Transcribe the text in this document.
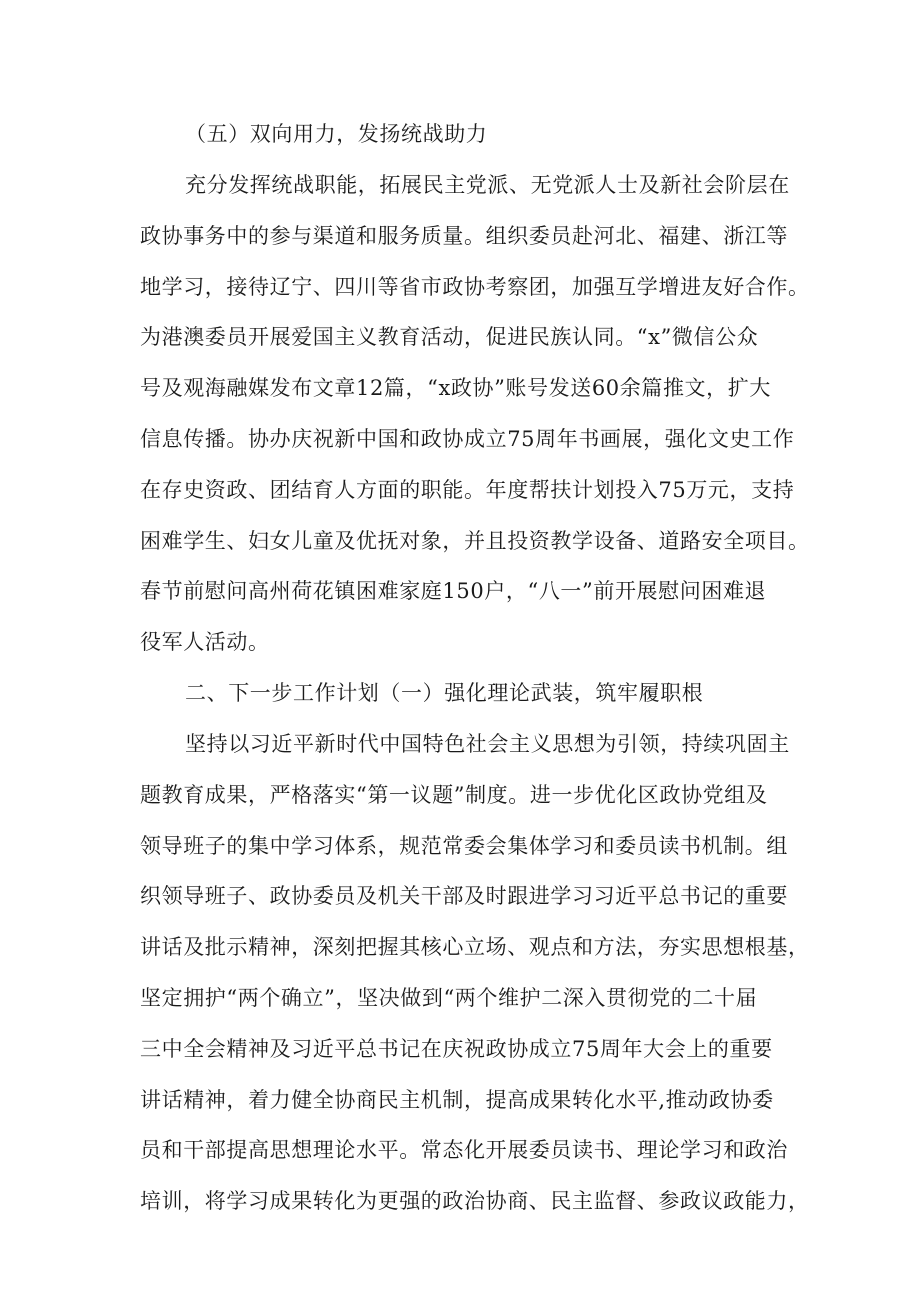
（五）双向用力，发扬统战助力
充分发挥统战职能，拓展民主党派、无党派人士及新社会阶层在
政协事务中的参与渠道和服务质量。组织委员赴河北、福建、浙江等
地学习，接待辽宁、四川等省市政协考察团，加强互学增进友好合作。
为港澳委员开展爱国主义教育活动，促进民族认同。“x”微信公众
号及观海融媒发布文章12篇，“x政协”账号发送60余篇推文，扩大
信息传播。协办庆祝新中国和政协成立75周年书画展，强化文史工作
在存史资政、团结育人方面的职能。年度帮扶计划投入75万元，支持
困难学生、妇女儿童及优抚对象，并且投资教学设备、道路安全项目。
春节前慰问高州荷花镇困难家庭150户，“八一”前开展慰问困难退
役军人活动。
二、下一步工作计划（一）强化理论武装，筑牢履职根
坚持以习近平新时代中国特色社会主义思想为引领，持续巩固主
题教育成果，严格落实“第一议题”制度。进一步优化区政协党组及
领导班子的集中学习体系，规范常委会集体学习和委员读书机制。组
织领导班子、政协委员及机关干部及时跟进学习习近平总书记的重要
讲话及批示精神，深刻把握其核心立场、观点和方法，夯实思想根基，
坚定拥护“两个确立”，坚决做到“两个维护二深入贯彻党的二十届
三中全会精神及习近平总书记在庆祝政协成立75周年大会上的重要
讲话精神，着力健全协商民主机制，提高成果转化水平,推动政协委
员和干部提高思想理论水平。常态化开展委员读书、理论学习和政治
培训，将学习成果转化为更强的政治协商、民主监督、参政议政能力，
